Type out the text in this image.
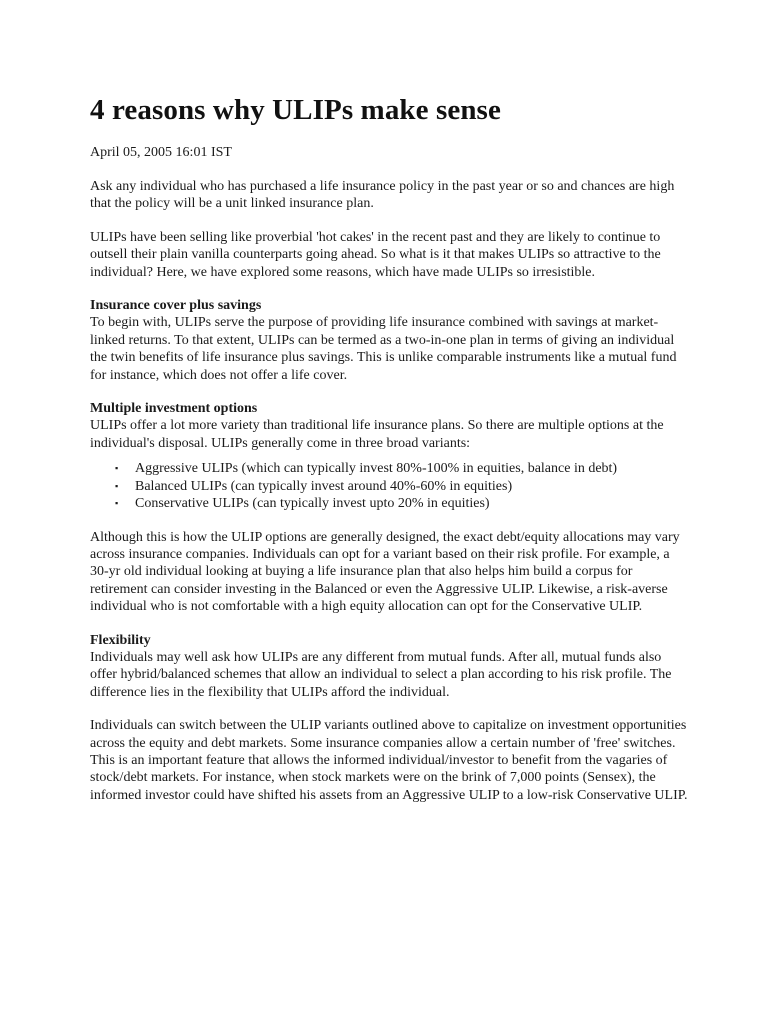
4 reasons why ULIPs make sense
April 05, 2005 16:01 IST

Ask any individual who has purchased a life insurance policy in the past year or so and chances are high that the policy will be a unit linked insurance plan.

ULIPs have been selling like proverbial 'hot cakes' in the recent past and they are likely to continue to outsell their plain vanilla counterparts going ahead. So what is it that makes ULIPs so attractive to the individual? Here, we have explored some reasons, which have made ULIPs so irresistible.

Insurance cover plus savings

To begin with, ULIPs serve the purpose of providing life insurance combined with savings at market-linked returns. To that extent, ULIPs can be termed as a two-in-one plan in terms of giving an individual the twin benefits of life insurance plus savings. This is unlike comparable instruments like a mutual fund for instance, which does not offer a life cover.

Multiple investment options

ULIPs offer a lot more variety than traditional life insurance plans. So there are multiple options at the individual's disposal. ULIPs generally come in three broad variants:

▪ Aggressive ULIPs (which can typically invest 80%-100% in equities, balance in debt)
▪ Balanced ULIPs (can typically invest around 40%-60% in equities)
▪ Conservative ULIPs (can typically invest upto 20% in equities)

Although this is how the ULIP options are generally designed, the exact debt/equity allocations may vary across insurance companies. Individuals can opt for a variant based on their risk profile. For example, a 30-yr old individual looking at buying a life insurance plan that also helps him build a corpus for retirement can consider investing in the Balanced or even the Aggressive ULIP. Likewise, a risk-averse individual who is not comfortable with a high equity allocation can opt for the Conservative ULIP.

Flexibility

Individuals may well ask how ULIPs are any different from mutual funds. After all, mutual funds also offer hybrid/balanced schemes that allow an individual to select a plan according to his risk profile. The difference lies in the flexibility that ULIPs afford the individual.

Individuals can switch between the ULIP variants outlined above to capitalize on investment opportunities across the equity and debt markets. Some insurance companies allow a certain number of 'free' switches. This is an important feature that allows the informed individual/investor to benefit from the vagaries of stock/debt markets. For instance, when stock markets were on the brink of 7,000 points (Sensex), the informed investor could have shifted his assets from an Aggressive ULIP to a low-risk Conservative ULIP.
